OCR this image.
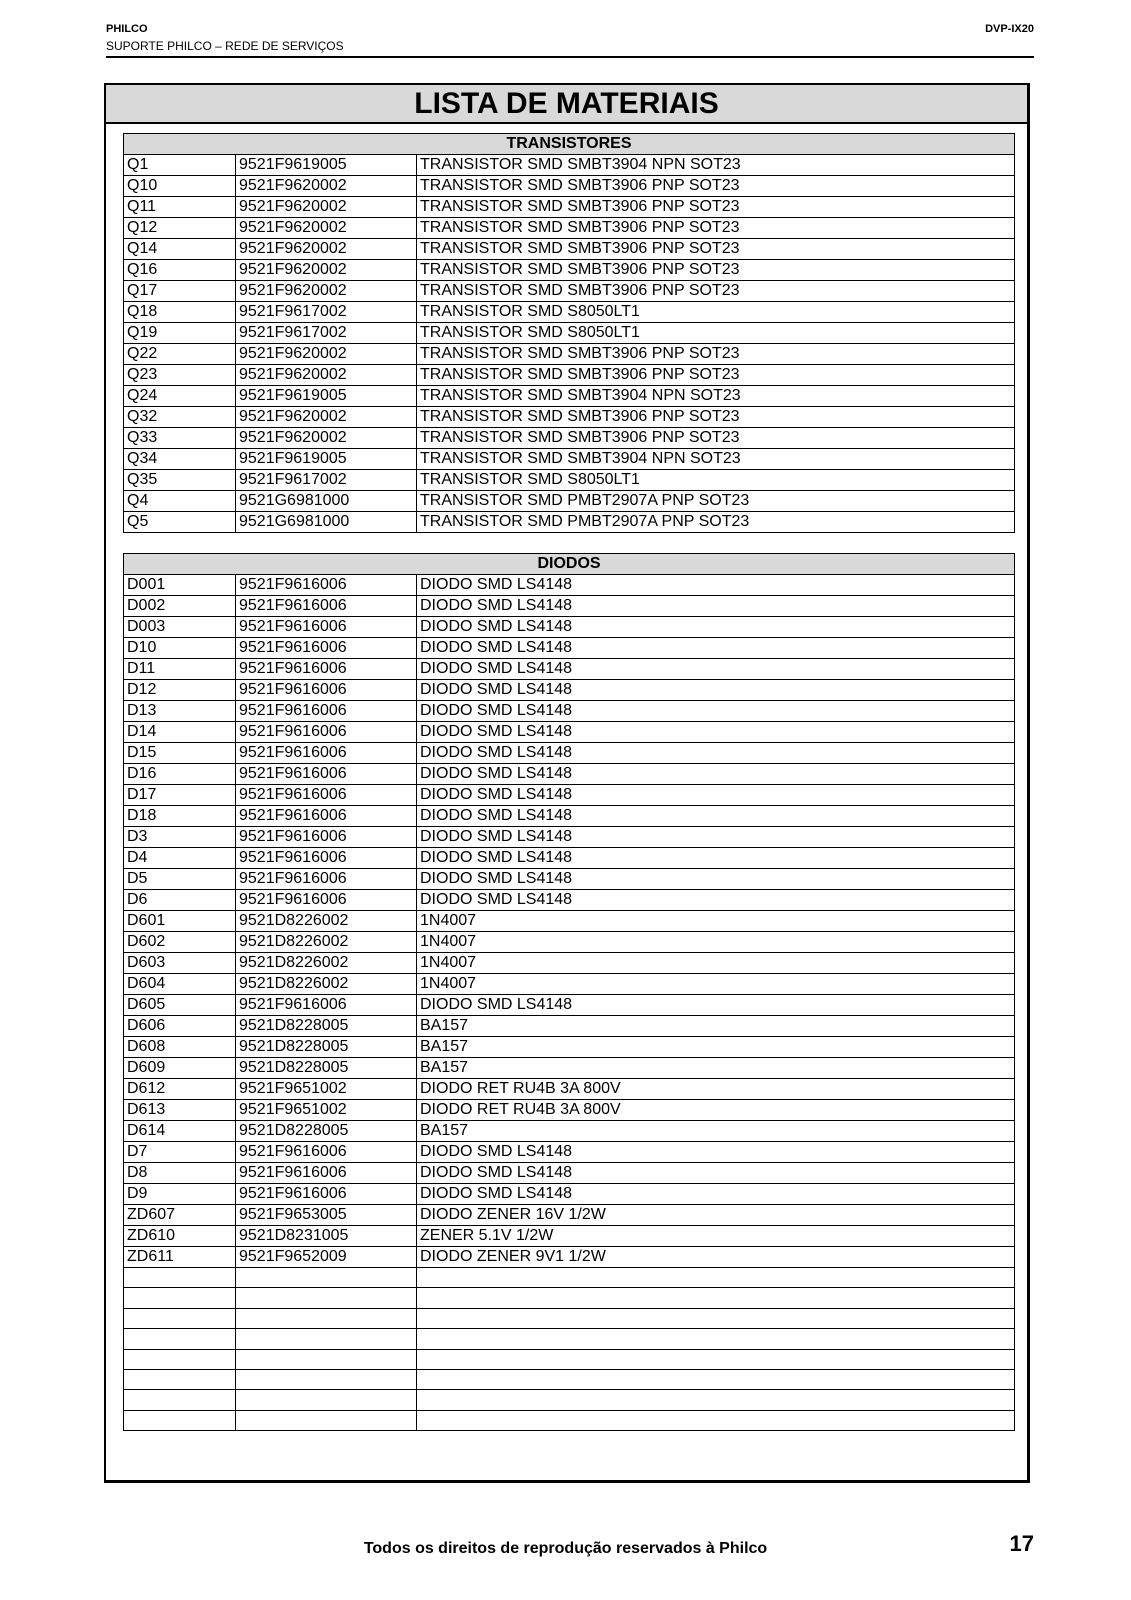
PHILCO
SUPORTE PHILCO – REDE DE SERVIÇOS
DVP-IX20
LISTA DE MATERIAIS
TRANSISTORES		
Q1	9521F9619005	TRANSISTOR SMD SMBT3904 NPN SOT23
Q10	9521F9620002	TRANSISTOR SMD SMBT3906 PNP SOT23
Q11	9521F9620002	TRANSISTOR SMD SMBT3906 PNP SOT23
Q12	9521F9620002	TRANSISTOR SMD SMBT3906 PNP SOT23
Q14	9521F9620002	TRANSISTOR SMD SMBT3906 PNP SOT23
Q16	9521F9620002	TRANSISTOR SMD SMBT3906 PNP SOT23
Q17	9521F9620002	TRANSISTOR SMD SMBT3906 PNP SOT23
Q18	9521F9617002	TRANSISTOR SMD S8050LT1
Q19	9521F9617002	TRANSISTOR SMD S8050LT1
Q22	9521F9620002	TRANSISTOR SMD SMBT3906 PNP SOT23
Q23	9521F9620002	TRANSISTOR SMD SMBT3906 PNP SOT23
Q24	9521F9619005	TRANSISTOR SMD SMBT3904 NPN SOT23
Q32	9521F9620002	TRANSISTOR SMD SMBT3906 PNP SOT23
Q33	9521F9620002	TRANSISTOR SMD SMBT3906 PNP SOT23
Q34	9521F9619005	TRANSISTOR SMD SMBT3904 NPN SOT23
Q35	9521F9617002	TRANSISTOR SMD S8050LT1
Q4	9521G6981000	TRANSISTOR SMD PMBT2907A PNP SOT23
Q5	9521G6981000	TRANSISTOR SMD PMBT2907A PNP SOT23
DIODOS		
D001	9521F9616006	DIODO SMD LS4148
D002	9521F9616006	DIODO SMD LS4148
D003	9521F9616006	DIODO SMD LS4148
D10	9521F9616006	DIODO SMD LS4148
D11	9521F9616006	DIODO SMD LS4148
D12	9521F9616006	DIODO SMD LS4148
D13	9521F9616006	DIODO SMD LS4148
D14	9521F9616006	DIODO SMD LS4148
D15	9521F9616006	DIODO SMD LS4148
D16	9521F9616006	DIODO SMD LS4148
D17	9521F9616006	DIODO SMD LS4148
D18	9521F9616006	DIODO SMD LS4148
D3	9521F9616006	DIODO SMD LS4148
D4	9521F9616006	DIODO SMD LS4148
D5	9521F9616006	DIODO SMD LS4148
D6	9521F9616006	DIODO SMD LS4148
D601	9521D8226002	1N4007
D602	9521D8226002	1N4007
D603	9521D8226002	1N4007
D604	9521D8226002	1N4007
D605	9521F9616006	DIODO SMD LS4148
D606	9521D8228005	BA157
D608	9521D8228005	BA157
D609	9521D8228005	BA157
D612	9521F9651002	DIODO RET RU4B 3A 800V
D613	9521F9651002	DIODO RET RU4B 3A 800V
D614	9521D8228005	BA157
D7	9521F9616006	DIODO SMD LS4148
D8	9521F9616006	DIODO SMD LS4148
D9	9521F9616006	DIODO SMD LS4148
ZD607	9521F9653005	DIODO ZENER 16V 1/2W
ZD610	9521D8231005	ZENER 5.1V 1/2W
ZD611	9521F9652009	DIODO ZENER 9V1 1/2W

Todos os direitos de reprodução reservados à Philco	17
